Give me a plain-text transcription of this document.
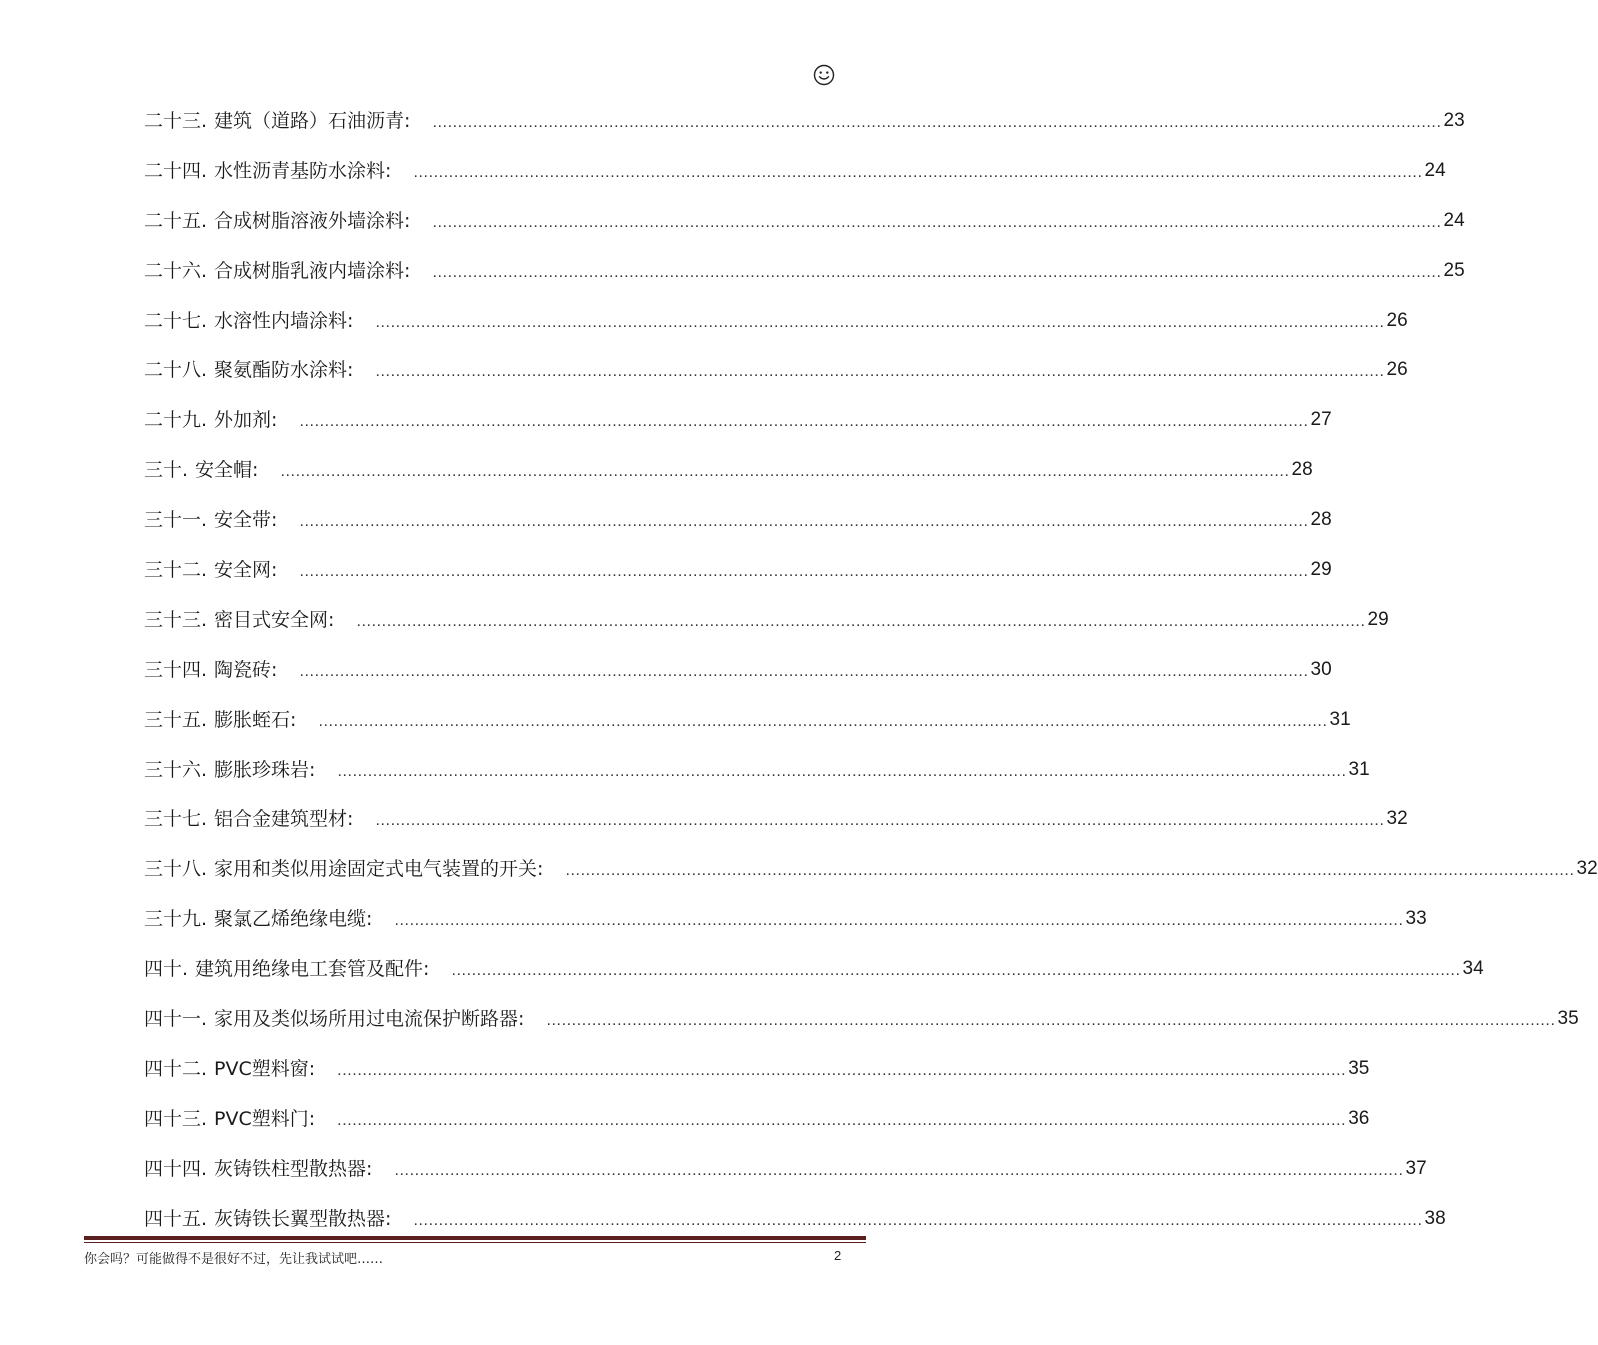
二十三. 建筑（道路）石油沥青: ........................................................................................................................................................................................................ 23
二十四. 水性沥青基防水涂料: ........................................................................................................................................................................................................ 24
二十五. 合成树脂溶液外墙涂料: ........................................................................................................................................................................................................ 24
二十六. 合成树脂乳液内墙涂料: ........................................................................................................................................................................................................ 25
二十七. 水溶性内墙涂料: ........................................................................................................................................................................................................ 26
二十八. 聚氨酯防水涂料: ........................................................................................................................................................................................................ 26
二十九. 外加剂: ........................................................................................................................................................................................................ 27
三十. 安全帽: ........................................................................................................................................................................................................ 28
三十一. 安全带: ........................................................................................................................................................................................................ 28
三十二. 安全网: ........................................................................................................................................................................................................ 29
三十三. 密目式安全网: ........................................................................................................................................................................................................ 29
三十四. 陶瓷砖: ........................................................................................................................................................................................................ 30
三十五. 膨胀蛭石: ........................................................................................................................................................................................................ 31
三十六. 膨胀珍珠岩: ........................................................................................................................................................................................................ 31
三十七. 铝合金建筑型材: ........................................................................................................................................................................................................ 32
三十八. 家用和类似用途固定式电气装置的开关: ........................................................................................................................................................................................................ 32
三十九. 聚氯乙烯绝缘电缆: ........................................................................................................................................................................................................ 33
四十. 建筑用绝缘电工套管及配件: ........................................................................................................................................................................................................ 34
四十一. 家用及类似场所用过电流保护断路器: ........................................................................................................................................................................................................ 35
四十二. PVC塑料窗: ........................................................................................................................................................................................................ 35
四十三. PVC塑料门: ........................................................................................................................................................................................................ 36
四十四. 灰铸铁柱型散热器: ........................................................................................................................................................................................................ 37
四十五. 灰铸铁长翼型散热器: ........................................................................................................................................................................................................ 38
你会吗？可能做得不是很好不过，先让我试试吧……	2
